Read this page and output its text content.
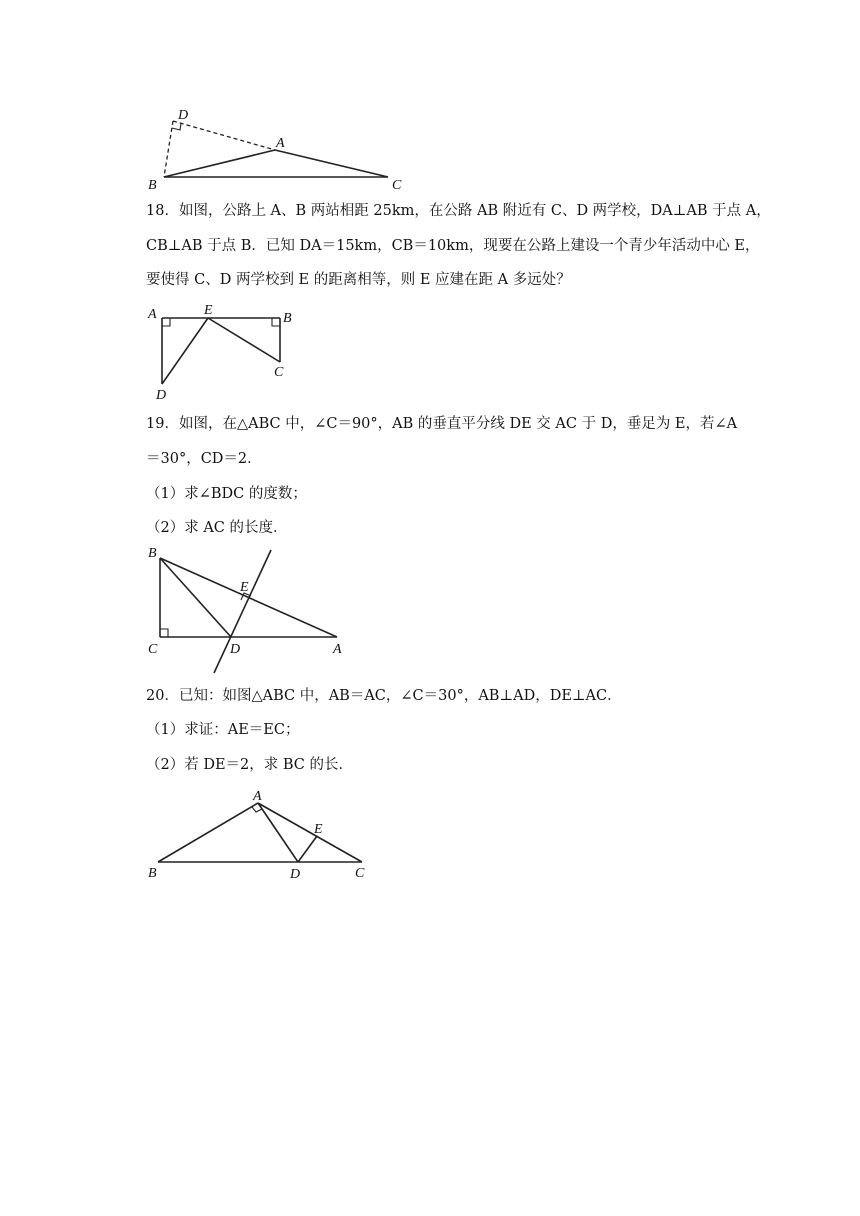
D
A
B	C
18．如图，公路上 A、B 两站相距 25km，在公路 AB 附近有 C、D 两学校，DA⊥AB 于点 A，
CB⊥AB 于点 B．已知 DA＝15km，CB＝10km，现要在公路上建设一个青少年活动中心 E，
要使得 C、D 两学校到 E 的距离相等，则 E 应建在距 A 多远处？
A	E
B
D
C
19．如图，在△ABC 中，∠C＝90°，AB 的垂直平分线 DE 交 AC 于 D，垂足为 E，若∠A
＝30°，CD＝2．
（1）求∠BDC 的度数；
（2）求 AC 的长度．
B
E
C	D	A
20．已知：如图△ABC 中，AB＝AC，∠C＝30°，AB⊥AD，DE⊥AC．
（1）求证：AE＝EC；
（2）若 DE＝2，求 BC 的长．
A
E
B	D	C
